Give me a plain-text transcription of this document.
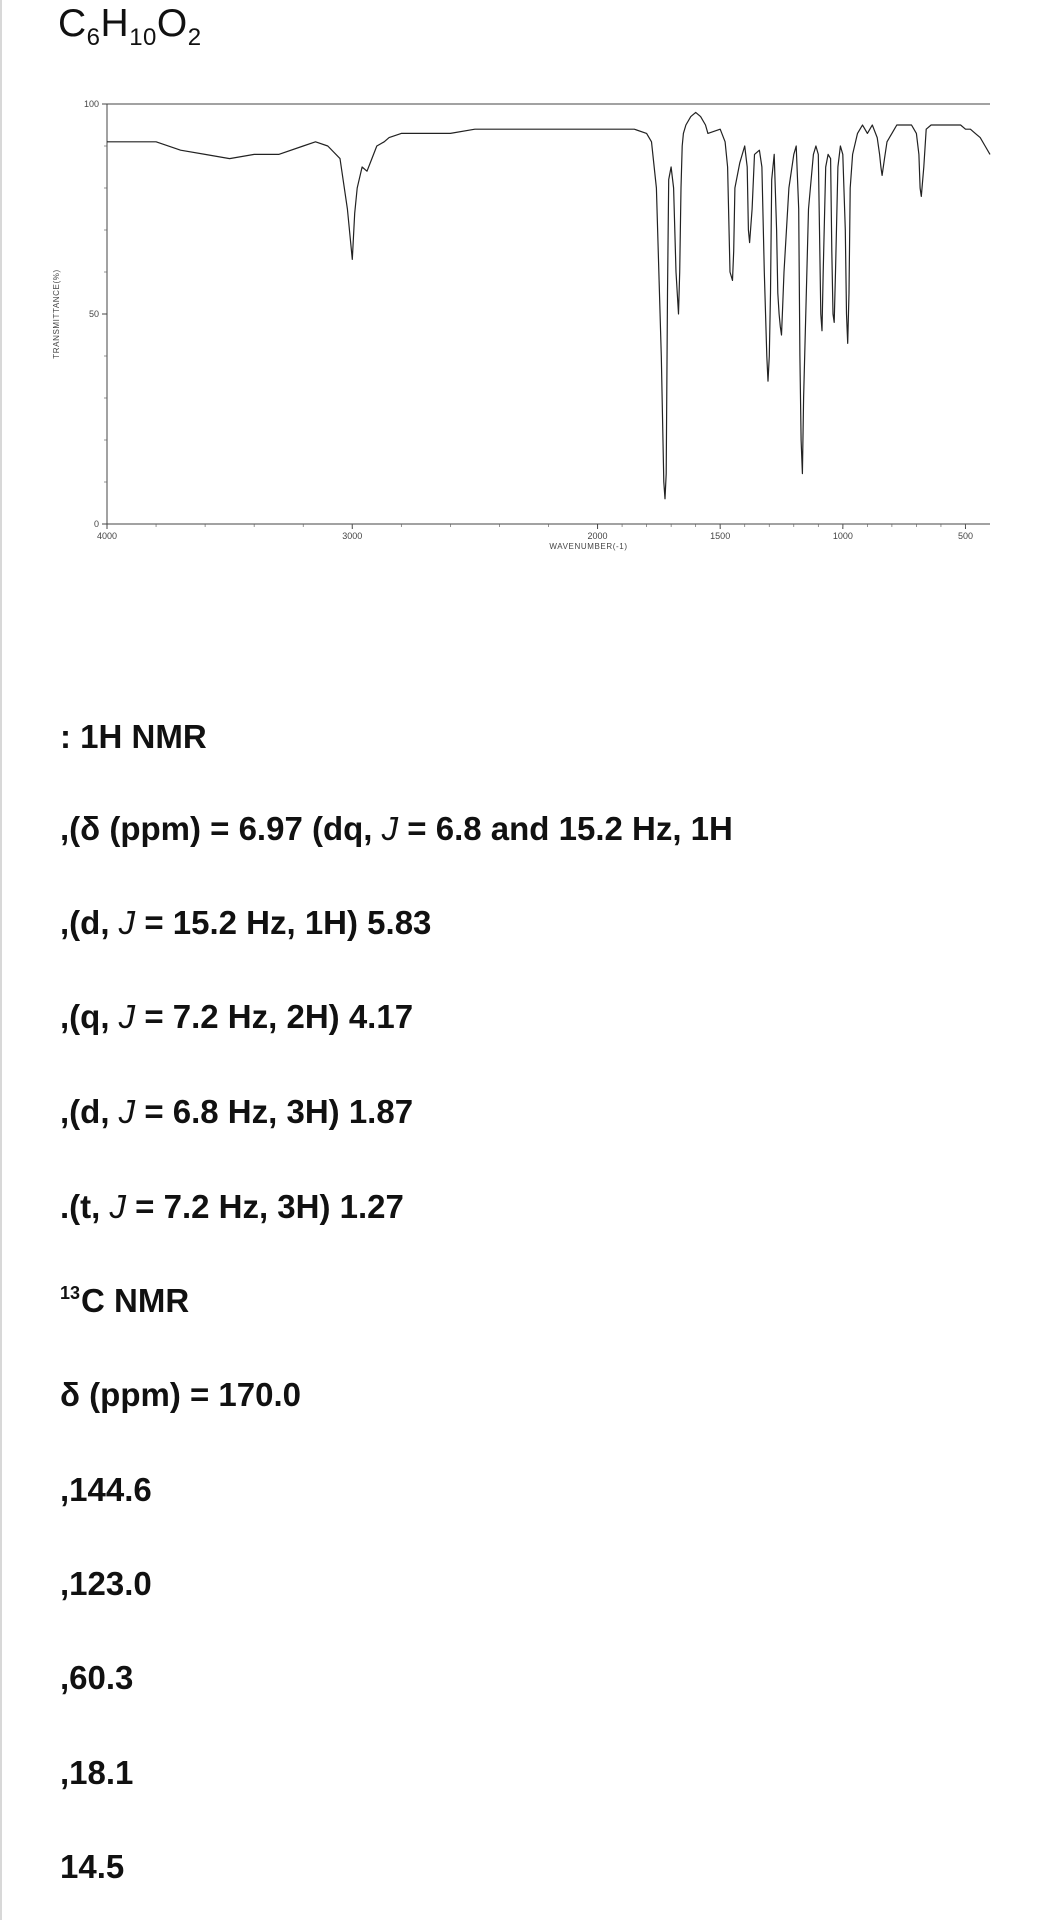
$C_6H_{10}O_2$
100
50
0
4000	3000	2000	1500	1000	500
WAVENUMBER(-1)
TRANSMITTANCE(%)
: 1H NMR
,(δ (ppm) = 6.97 (dq, J = 6.8 and 15.2 Hz, 1H
,(d, J = 15.2 Hz, 1H) 5.83
,(q, J = 7.2 Hz, 2H) 4.17
,(d, J = 6.8 Hz, 3H) 1.87
.(t, J = 7.2 Hz, 3H) 1.27
$^{13}$C NMR
δ (ppm) = 170.0
,144.6
,123.0
,60.3
,18.1
14.5
